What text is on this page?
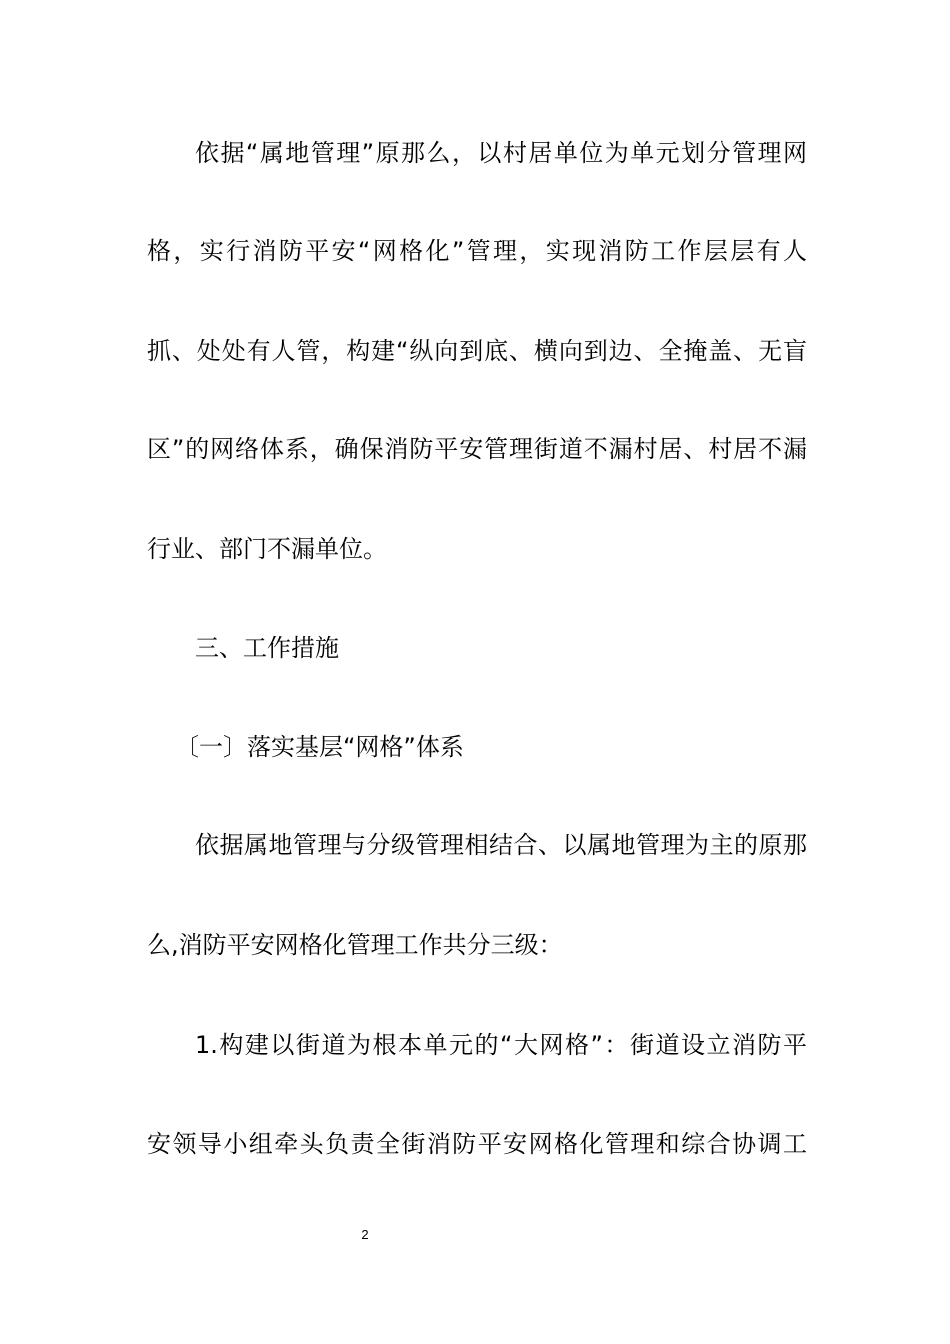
依据“属地管理”原那么，以村居单位为单元划分管理网
格，实行消防平安“网格化”管理，实现消防工作层层有人
抓、处处有人管，构建“纵向到底、横向到边、全掩盖、无盲
区”的网络体系，确保消防平安管理街道不漏村居、村居不漏
行业、部门不漏单位。
三、工作措施
〔一〕落实基层“网格”体系
依据属地管理与分级管理相结合、以属地管理为主的原那
么,消防平安网格化管理工作共分三级：
1.构建以街道为根本单元的“大网格”：街道设立消防平
安领导小组牵头负责全街消防平安网格化管理和综合协调工
2
